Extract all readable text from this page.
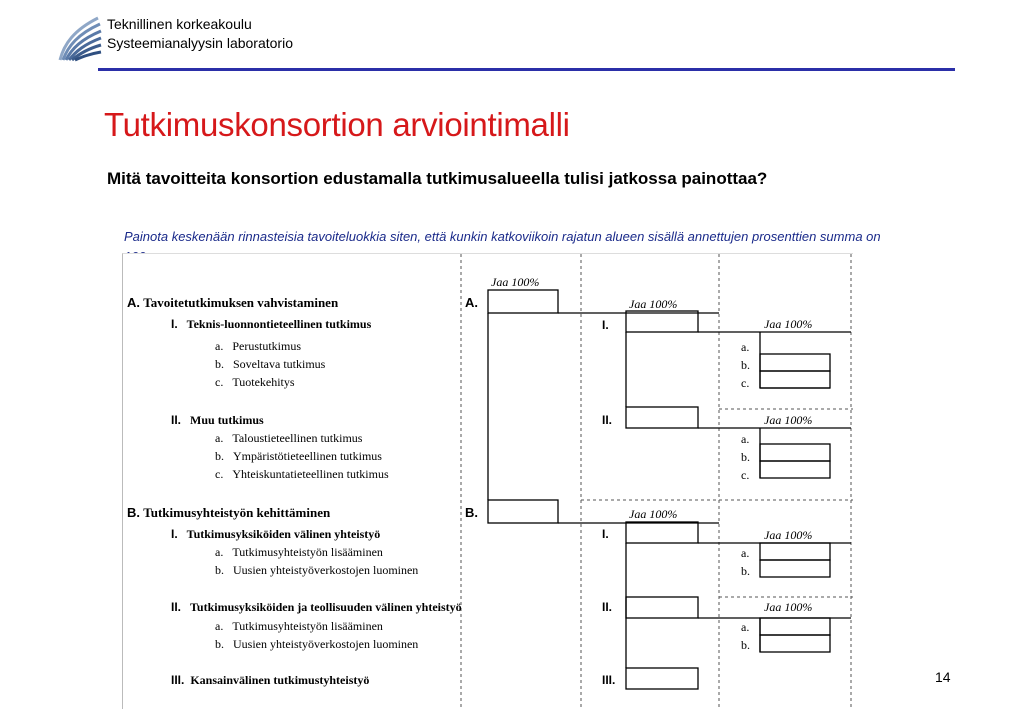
Teknillinen korkeakoulu
Systeemianalyysin laboratorio
Tutkimuskonsortion arviointimalli
Mitä tavoitteita konsortion edustamalla tutkimusalueella tulisi jatkossa painottaa?
Painota keskenään rinnasteisia tavoiteluokkia siten, että kunkin katkoviikoin rajatun alueen sisällä annettujen prosenttien summa on
Jaa 100%
Jaa 100%
Jaa 100%
Jaa 100%
Jaa 100%
Jaa 100%
Jaa 100%
A. Tavoitetutkimuksen vahvistaminen	A.
I. Teknis-luonnontieteellinen tutkimus	I.
a. Perustutkimus
b. Soveltava tutkimus
c. Tuotekehitys
a.
b.
c.
II. Muu tutkimus	II.
a. Taloustieteellinen tutkimus
b. Ympäristötieteellinen tutkimus
c. Yhteiskuntatieteellinen tutkimus
a.
b.
c.
B. Tutkimusyhteistyön kehittäminen	B.
I. Tutkimusyksiköiden välinen yhteistyö	I.
a. Tutkimusyhteistyön lisääminen
b. Uusien yhteistyöverkostojen luominen
a.
b.
II. Tutkimusyksiköiden ja teollisuuden välinen yhteistyö	II.
a. Tutkimusyhteistyön lisääminen
b. Uusien yhteistyöverkostojen luominen
a.
b.
III. Kansainvälinen tutkimustyhteistyö	III.	14
